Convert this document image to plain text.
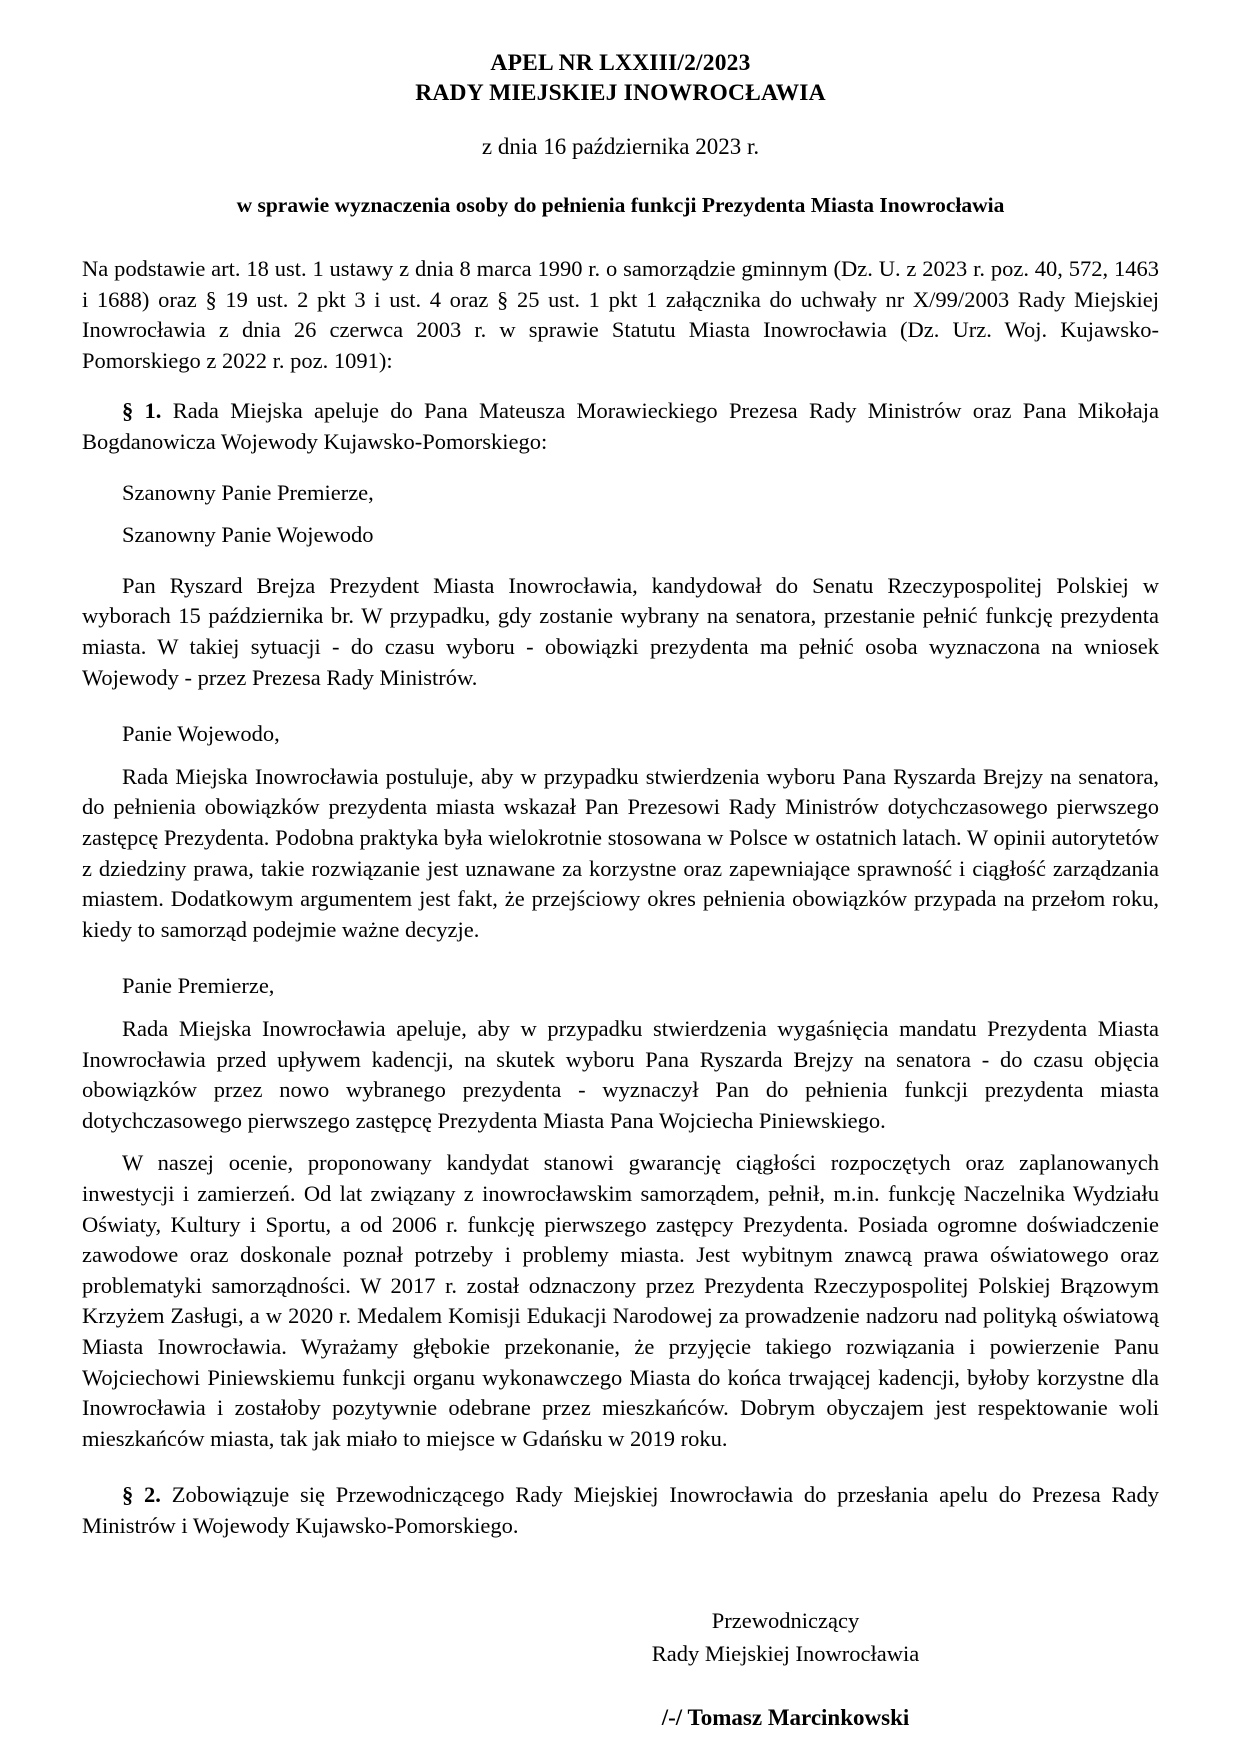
APEL NR LXXIII/2/2023
RADY MIEJSKIEJ INOWROCŁAWIA
z dnia 16 października 2023 r.
w sprawie wyznaczenia osoby do pełnienia funkcji Prezydenta Miasta Inowrocławia

Na podstawie art. 18 ust. 1 ustawy z dnia 8 marca 1990 r. o samorządzie gminnym (Dz. U. z 2023 r. poz. 40, 572, 1463 i 1688) oraz § 19 ust. 2 pkt 3 i ust. 4 oraz § 25 ust. 1 pkt 1 załącznika do uchwały nr X/99/2003 Rady Miejskiej Inowrocławia z dnia 26 czerwca 2003 r. w sprawie Statutu Miasta Inowrocławia (Dz. Urz. Woj. Kujawsko-Pomorskiego z 2022 r. poz. 1091):

§ 1. Rada Miejska apeluje do Pana Mateusza Morawieckiego Prezesa Rady Ministrów oraz Pana Mikołaja Bogdanowicza Wojewody Kujawsko-Pomorskiego:

Szanowny Panie Premierze,

Szanowny Panie Wojewodo

Pan Ryszard Brejza Prezydent Miasta Inowrocławia, kandydował do Senatu Rzeczypospolitej Polskiej w wyborach 15 października br. W przypadku, gdy zostanie wybrany na senatora, przestanie pełnić funkcję prezydenta miasta. W takiej sytuacji - do czasu wyboru - obowiązki prezydenta ma pełnić osoba wyznaczona na wniosek Wojewody - przez Prezesa Rady Ministrów.

Panie Wojewodo,

Rada Miejska Inowrocławia postuluje, aby w przypadku stwierdzenia wyboru Pana Ryszarda Brejzy na senatora, do pełnienia obowiązków prezydenta miasta wskazał Pan Prezesowi Rady Ministrów dotychczasowego pierwszego zastępcę Prezydenta. Podobna praktyka była wielokrotnie stosowana w Polsce w ostatnich latach. W opinii autorytetów z dziedziny prawa, takie rozwiązanie jest uznawane za korzystne oraz zapewniające sprawność i ciągłość zarządzania miastem. Dodatkowym argumentem jest fakt, że przejściowy okres pełnienia obowiązków przypada na przełom roku, kiedy to samorząd podejmie ważne decyzje.

Panie Premierze,

Rada Miejska Inowrocławia apeluje, aby w przypadku stwierdzenia wygaśnięcia mandatu Prezydenta Miasta Inowrocławia przed upływem kadencji, na skutek wyboru Pana Ryszarda Brejzy na senatora - do czasu objęcia obowiązków przez nowo wybranego prezydenta - wyznaczył Pan do pełnienia funkcji prezydenta miasta dotychczasowego pierwszego zastępcę Prezydenta Miasta Pana Wojciecha Piniewskiego.

W naszej ocenie, proponowany kandydat stanowi gwarancję ciągłości rozpoczętych oraz zaplanowanych inwestycji i zamierzeń. Od lat związany z inowrocławskim samorządem, pełnił, m.in. funkcję Naczelnika Wydziału Oświaty, Kultury i Sportu, a od 2006 r. funkcję pierwszego zastępcy Prezydenta. Posiada ogromne doświadczenie zawodowe oraz doskonale poznał potrzeby i problemy miasta. Jest wybitnym znawcą prawa oświatowego oraz problematyki samorządności. W 2017 r. został odznaczony przez Prezydenta Rzeczypospolitej Polskiej Brązowym Krzyżem Zasługi, a w 2020 r. Medalem Komisji Edukacji Narodowej za prowadzenie nadzoru nad polityką oświatową Miasta Inowrocławia. Wyrażamy głębokie przekonanie, że przyjęcie takiego rozwiązania i powierzenie Panu Wojciechowi Piniewskiemu funkcji organu wykonawczego Miasta do końca trwającej kadencji, byłoby korzystne dla Inowrocławia i zostałoby pozytywnie odebrane przez mieszkańców. Dobrym obyczajem jest respektowanie woli mieszkańców miasta, tak jak miało to miejsce w Gdańsku w 2019 roku.

§ 2. Zobowiązuje się Przewodniczącego Rady Miejskiej Inowrocławia do przesłania apelu do Prezesa Rady Ministrów i Wojewody Kujawsko-Pomorskiego.

Przewodniczący
Rady Miejskiej Inowrocławia
/-/ Tomasz Marcinkowski
